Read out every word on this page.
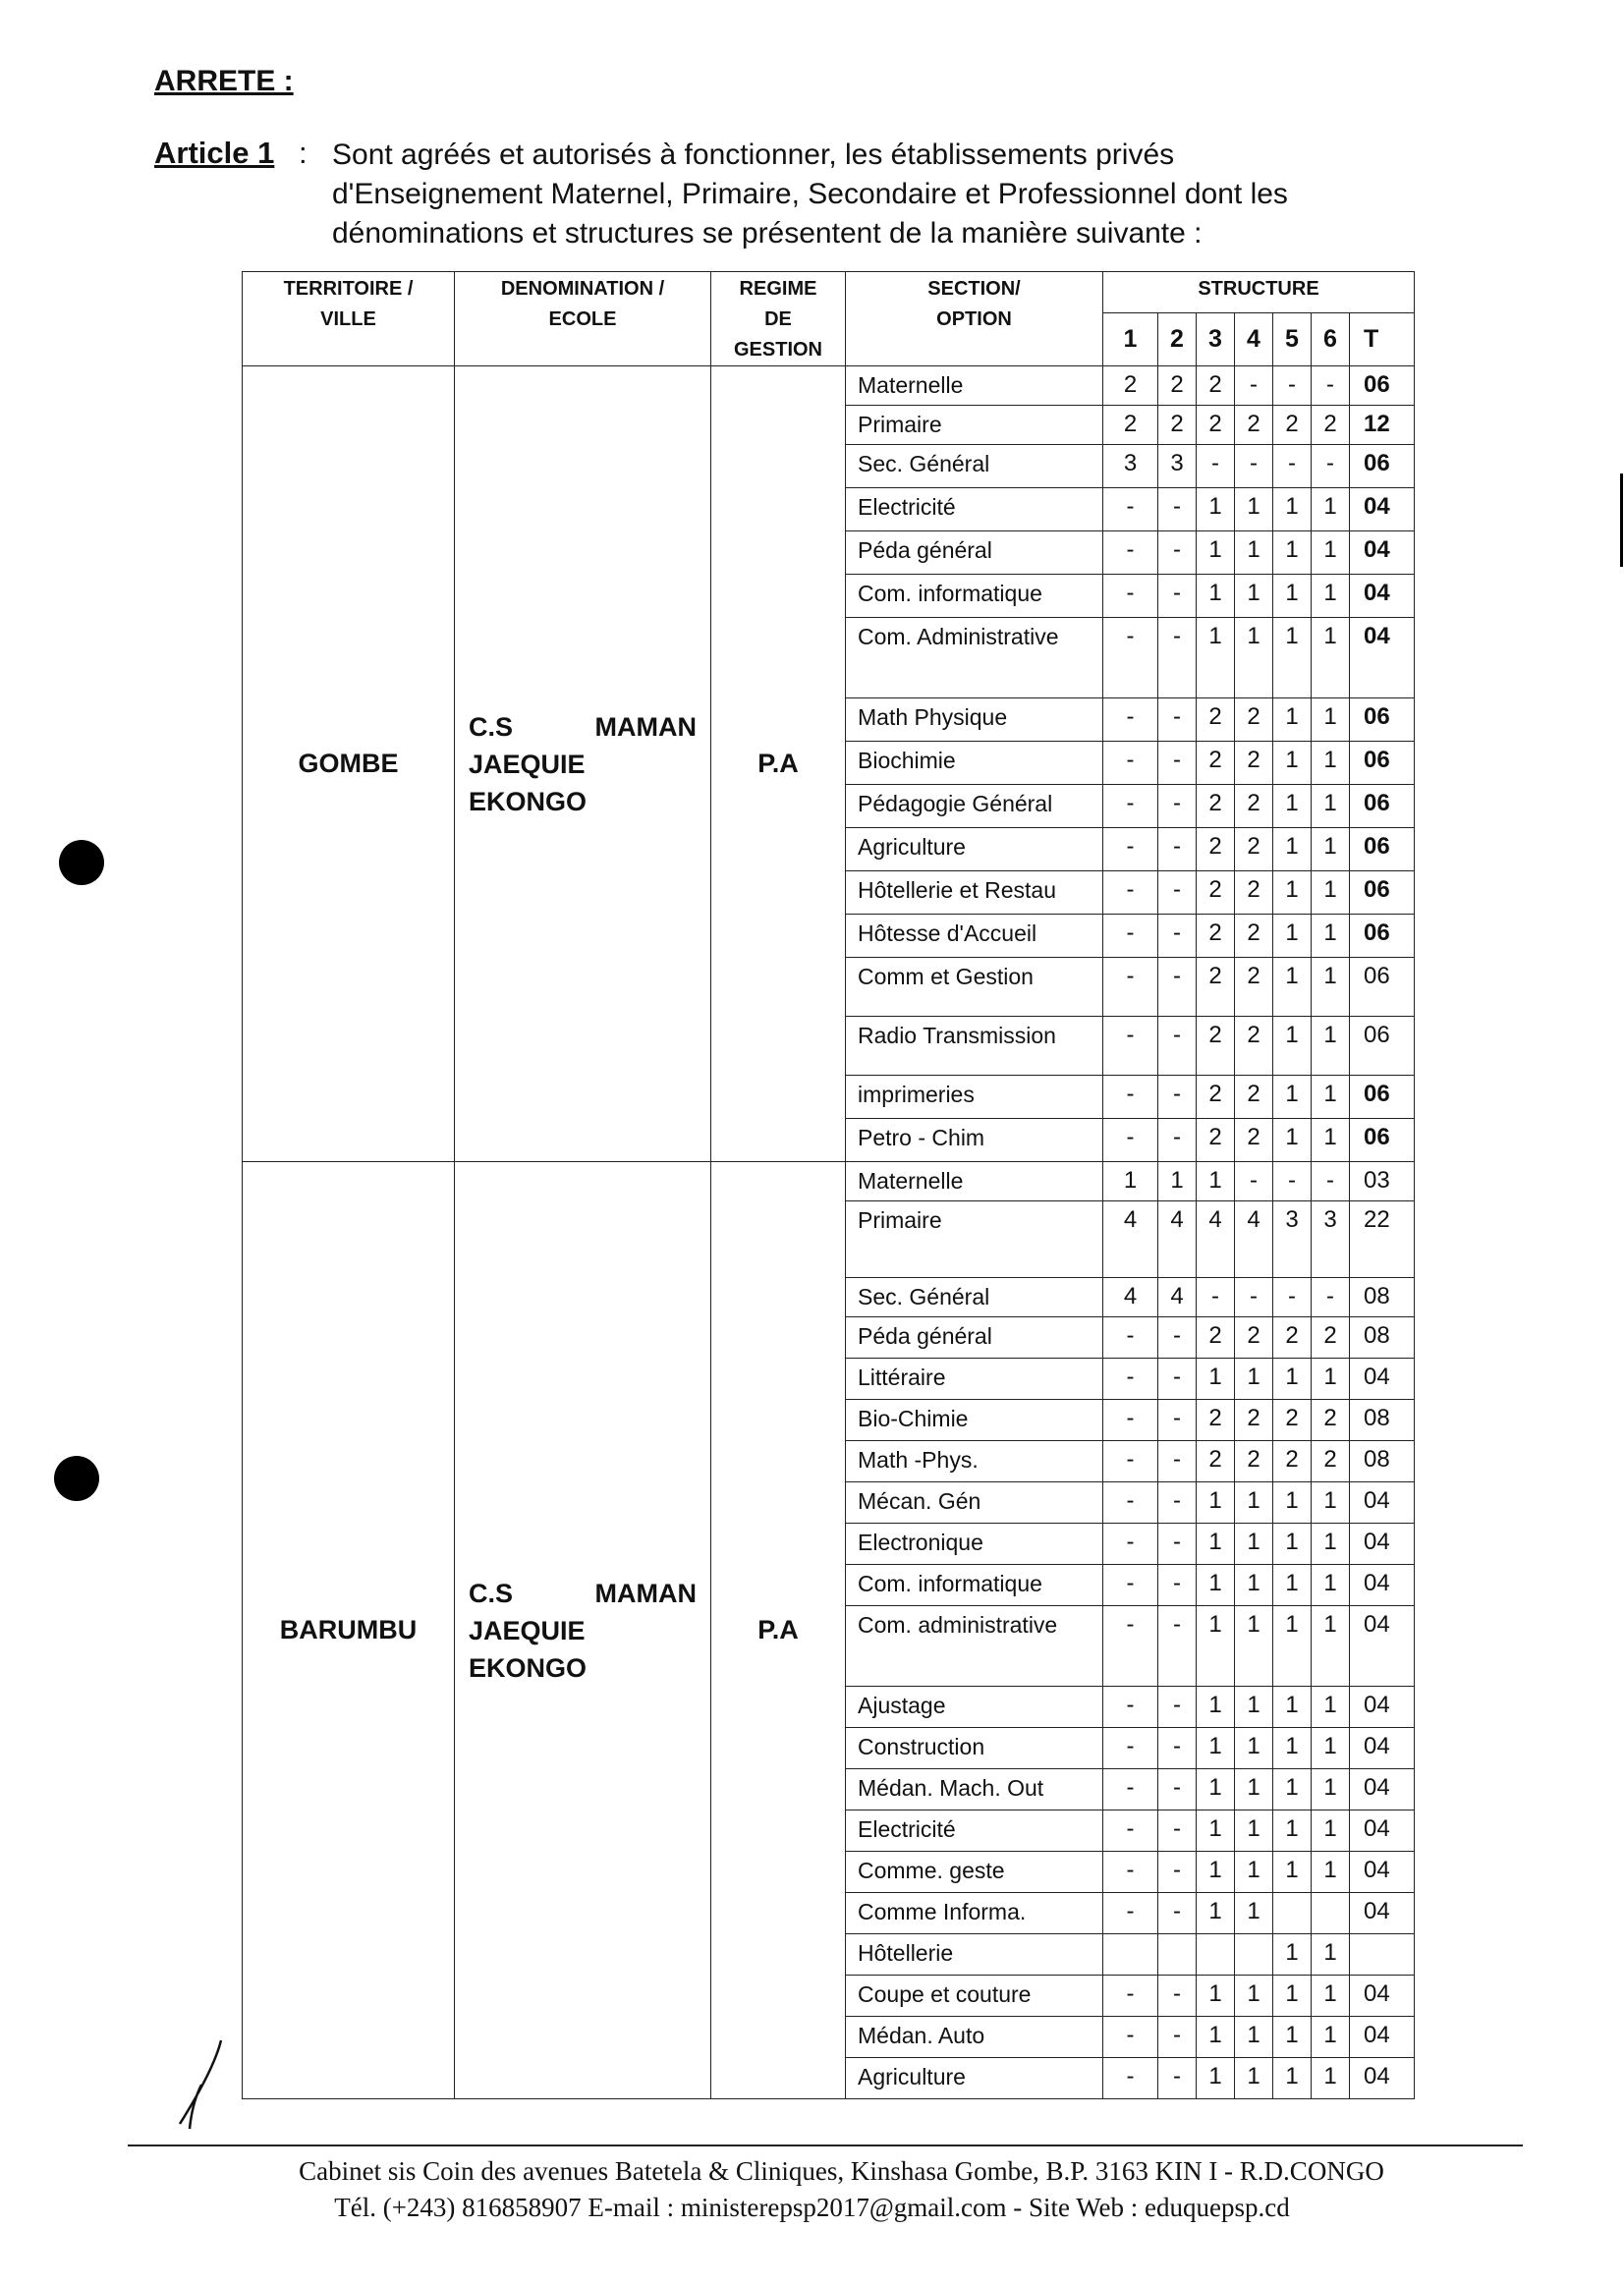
ARRETE :
Article 1 : Sont agréés et autorisés à fonctionner, les établissements privés
d'Enseignement Maternel, Primaire, Secondaire et Professionnel dont les
dénominations et structures se présentent de la manière suivante :
TERRITOIRE / VILLE	DENOMINATION / ECOLE	REGIME DE GESTION	SECTION/ OPTION	STRUCTURE						
				1	2	3	4	5	6	T
GOMBE	C.S MAMAN
JAEQUIE
EKONGO	P.A	Maternelle	2	2	2	-	-	-	06
			Primaire	2	2	2	2	2	2	12
			Sec. Général	3	3	-	-	-	-	06
			Electricité	-	-	1	1	1	1	04
			Péda général	-	-	1	1	1	1	04
			Com. informatique	-	-	1	1	1	1	04
			Com. Administrative	-	-	1	1	1	1	04
			Math Physique	-	-	2	2	1	1	06
			Biochimie	-	-	2	2	1	1	06
			Pédagogie Général	-	-	2	2	1	1	06
			Agriculture	-	-	2	2	1	1	06
			Hôtellerie et Restau	-	-	2	2	1	1	06
			Hôtesse d'Accueil	-	-	2	2	1	1	06
			Comm et Gestion	-	-	2	2	1	1	06
			Radio Transmission	-	-	2	2	1	1	06
			imprimeries	-	-	2	2	1	1	06
			Petro - Chim	-	-	2	2	1	1	06
BARUMBU	C.S MAMAN
JAEQUIE
EKONGO	P.A	Maternelle	1	1	1	-	-	-	03
			Primaire	4	4	4	4	3	3	22
			Sec. Général	4	4	-	-	-	-	08
			Péda général	-	-	2	2	2	2	08
			Littéraire	-	-	1	1	1	1	04
			Bio-Chimie	-	-	2	2	2	2	08
			Math -Phys.	-	-	2	2	2	2	08
			Mécan. Gén	-	-	1	1	1	1	04
			Electronique	-	-	1	1	1	1	04
			Com. informatique	-	-	1	1	1	1	04
			Com. administrative	-	-	1	1	1	1	04
			Ajustage	-	-	1	1	1	1	04
			Construction	-	-	1	1	1	1	04
			Médan. Mach. Out	-	-	1	1	1	1	04
			Electricité	-	-	1	1	1	1	04
			Comme. geste	-	-	1	1	1	1	04
			Comme Informa.	-	-	1	1			04
			Hôtellerie					1	1	
			Coupe et couture	-	-	1	1	1	1	04
			Médan. Auto	-	-	1	1	1	1	04
			Agriculture	-	-	1	1	1	1	04
Cabinet sis Coin des avenues Batetela & Cliniques, Kinshasa Gombe, B.P. 3163 KIN I - R.D.CONGO
Tél. (+243) 816858907 E-mail : ministerepsp2017@gmail.com - Site Web : eduquepsp.cd
